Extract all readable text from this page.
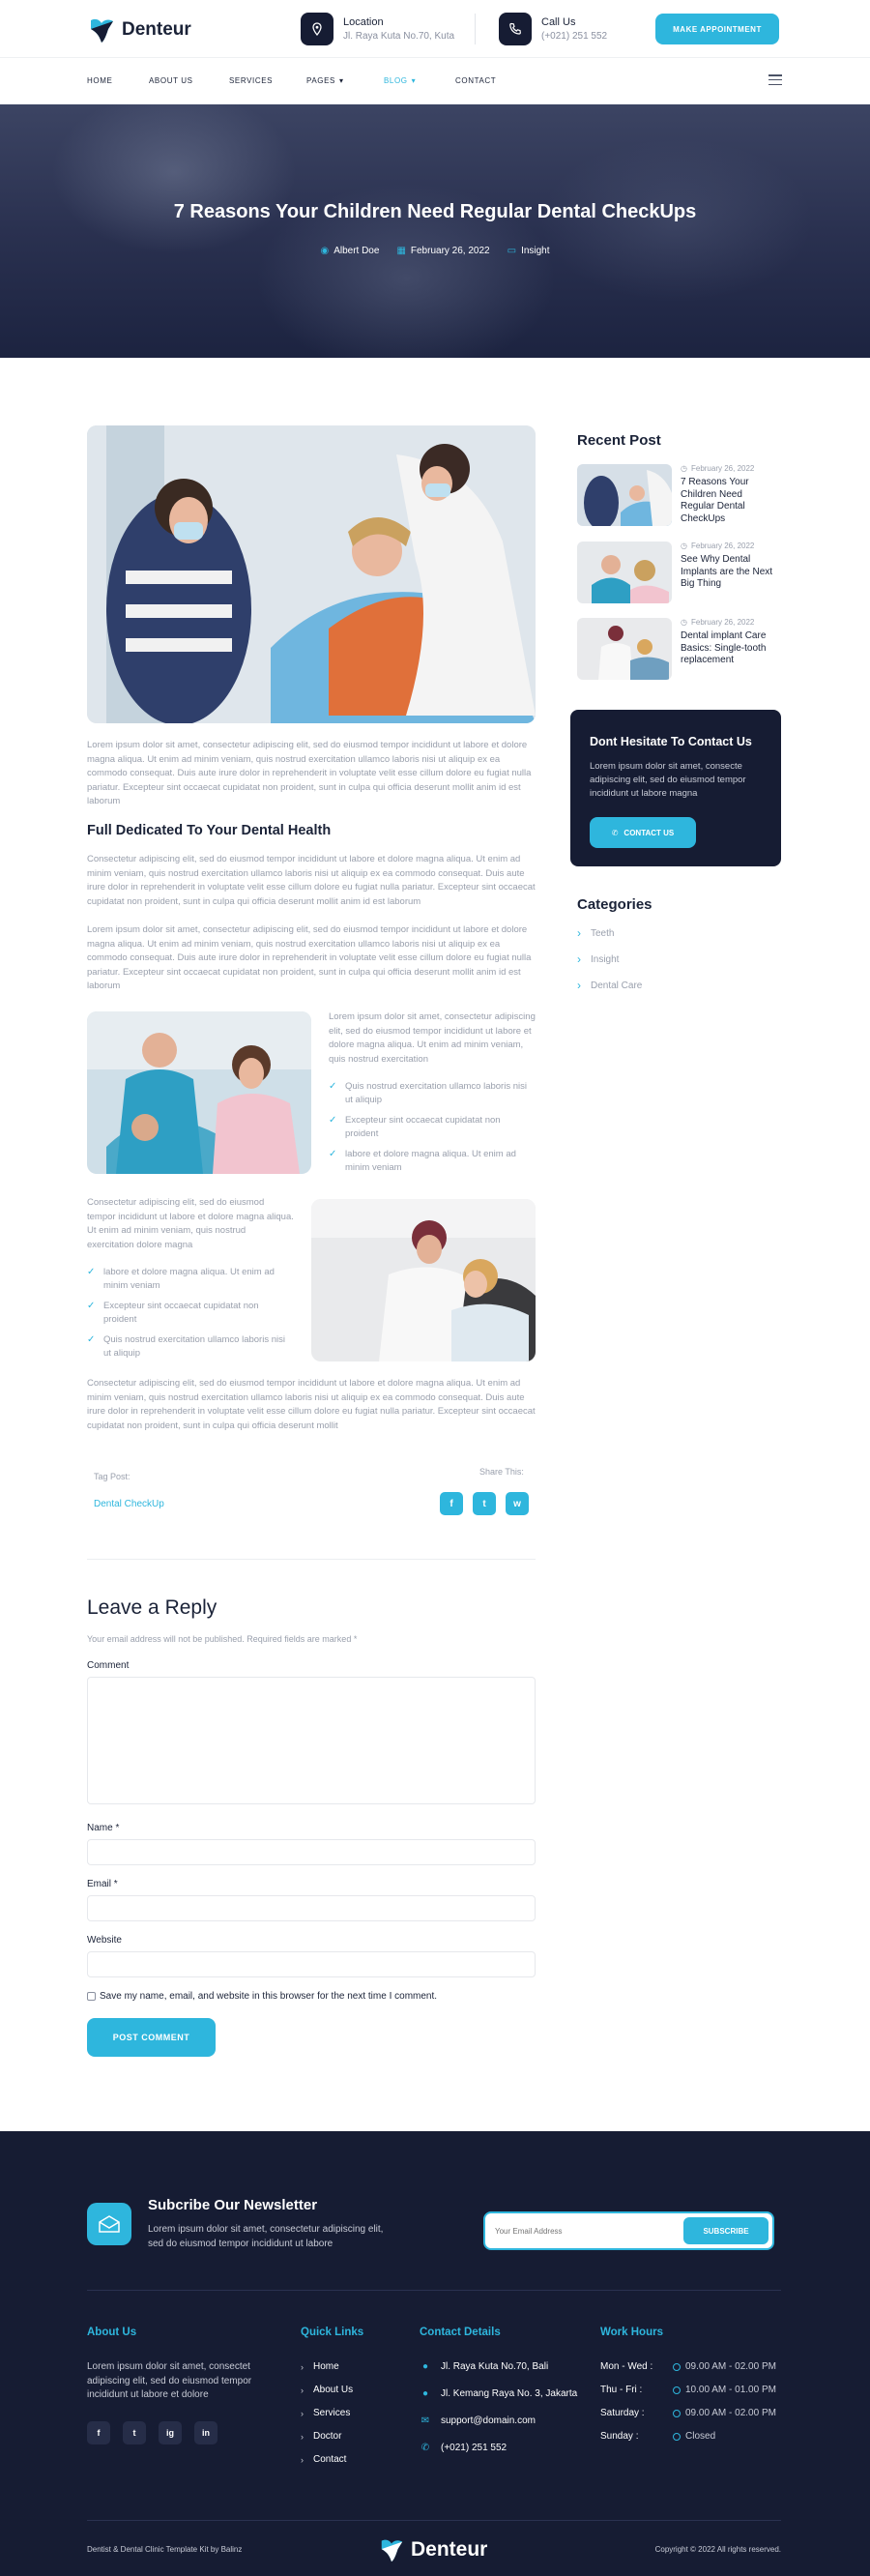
Denteur	Location
Jl. Raya Kuta No.70, Kuta
Call Us
(+021) 251 552
MAKE APPOINTMENT
HOME	ABOUT US	SERVICES	PAGES ▾	BLOG ▾	CONTACT
7 Reasons Your Children Need Regular Dental CheckUps
◉ Albert Doe ▦ February 26, 2022 ▭ Insight

Lorem ipsum dolor sit amet, consectetur adipiscing elit, sed do eiusmod tempor incididunt ut labore et dolore magna aliqua. Ut enim ad minim veniam, quis nostrud exercitation ullamco laboris nisi ut aliquip ex ea commodo consequat. Duis aute irure dolor in reprehenderit in voluptate velit esse cillum dolore eu fugiat nulla pariatur. Excepteur sint occaecat cupidatat non proident, sunt in culpa qui officia deserunt mollit anim id est laborum

Full Dedicated To Your Dental Health

Consectetur adipiscing elit, sed do eiusmod tempor incididunt ut labore et dolore magna aliqua. Ut enim ad minim veniam, quis nostrud exercitation ullamco laboris nisi ut aliquip ex ea commodo consequat. Duis aute irure dolor in reprehenderit in voluptate velit esse cillum dolore eu fugiat nulla pariatur. Excepteur sint occaecat cupidatat non proident, sunt in culpa qui officia deserunt mollit anim id est laborum

Lorem ipsum dolor sit amet, consectetur adipiscing elit, sed do eiusmod tempor incididunt ut labore et dolore magna aliqua. Ut enim ad minim veniam, quis nostrud exercitation ullamco laboris nisi ut aliquip ex ea commodo consequat. Duis aute irure dolor in reprehenderit in voluptate velit esse cillum dolore eu fugiat nulla pariatur. Excepteur sint occaecat cupidatat non proident, sunt in culpa qui officia deserunt mollit anim id est laborum

Lorem ipsum dolor sit amet, consectetur adipiscing elit, sed do eiusmod tempor incididunt ut labore et dolore magna aliqua. Ut enim ad minim veniam, quis nostrud exercitation

✓ Quis nostrud exercitation ullamco laboris nisi ut aliquip
✓ Excepteur sint occaecat cupidatat non proident
✓ labore et dolore magna aliqua. Ut enim ad minim veniam

Consectetur adipiscing elit, sed do eiusmod tempor incididunt ut labore et dolore magna aliqua. Ut enim ad minim veniam, quis nostrud exercitation dolore magna

✓ labore et dolore magna aliqua. Ut enim ad minim veniam
✓ Excepteur sint occaecat cupidatat non proident
✓ Quis nostrud exercitation ullamco laboris nisi ut aliquip

Consectetur adipiscing elit, sed do eiusmod tempor incididunt ut labore et dolore magna aliqua. Ut enim ad minim veniam, quis nostrud exercitation ullamco laboris nisi ut aliquip ex ea commodo consequat. Duis aute irure dolor in reprehenderit in voluptate velit esse cillum dolore eu fugiat nulla pariatur. Excepteur sint occaecat cupidatat non proident, sunt in culpa qui officia deserunt mollit

Tag Post:
Dental CheckUp
Share This:
f	t	w
Recent Post
◷ February 26, 2022
7 Reasons Your Children Need Regular Dental CheckUps
◷ February 26, 2022
See Why Dental Implants are the Next Big Thing
◷ February 26, 2022
Dental implant Care Basics: Single-tooth replacement
Dont Hesitate To Contact Us

Lorem ipsum dolor sit amet, consecte adipiscing elit, sed do eiusmod tempor incididunt ut labore magna

✆ CONTACT US
Categories
› Teeth
› Insight
› Dental Care
Leave a Reply

Your email address will not be published. Required fields are marked *

Comment
Name *
Email *
Website
Save my name, email, and website in this browser for the next time I comment.
POST COMMENT
Subcribe Our Newsletter
Lorem ipsum dolor sit amet, consectetur adipiscing elit, sed do eiusmod tempor incididunt ut labore
Your Email Address
SUBSCRIBE
About Us
Lorem ipsum dolor sit amet, consectet adipiscing elit, sed do eiusmod tempor incididunt ut labore et dolore
f	t	ig	in
Quick Links
› Home
› About Us
› Services
› Doctor
› Contact
Contact Details
● Jl. Raya Kuta No.70, Bali
● Jl. Kemang Raya No. 3, Jakarta
✉ support@domain.com
✆ (+021) 251 552
Work Hours
Mon - Wed :	09.00 AM - 02.00 PM
Thu - Fri :	10.00 AM - 01.00 PM
Saturday :	09.00 AM - 02.00 PM
Sunday :	Closed
Dentist & Dental Clinic Template Kit by Balinz	Denteur	Copyright © 2022 All rights reserved.
